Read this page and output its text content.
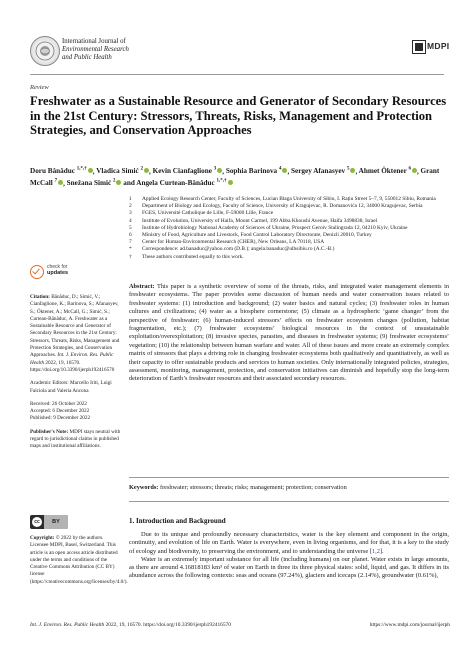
International Journal of
Environmental Research
and Public Health
MDPI
Review
Freshwater as a Sustainable Resource and Generator of Secondary Resources in the 21st Century: Stressors, Threats, Risks, Management and Protection Strategies, and Conservation Approaches
Doru Bănăduc $^{1,*,\dagger}$ , Vladica Simić $^2$ , Kevin Cianfaglione $^3$ , Sophia Barinova $^4$ , Sergey Afanasyev $^5$ , Ahmet Öktener $^6$ , Grant McCall $^7$ , Snežana Simić $^2$ and Angela Curtean-Bănăduc $^{1,*,\dagger}$
1	Applied Ecology Research Center, Faculty of Sciences, Lucian Blaga University of Sibiu, I. Rațiu Street 5–7, 9, 550012 Sibiu, Romania
2	Department of Biology and Ecology, Faculty of Science, University of Kragujevac, R. Domanovića 12, 34000 Kragujevac, Serbia
3	FGES, Université Catholique de Lille, F-59000 Lille, France
4	Institute of Evolution, University of Haifa, Mount Carmel, 199 Abba Khoushi Avenue, Haifa 3498838, Israel
5	Institute of Hydrobiology National Academy of Sciences of Ukraine, Prospect Geroiv Stalingrada 12, 04210 Kyiv, Ukraine
6	Ministry of Food, Agriculture and Livestock, Food Control Laboratory Directorate, Denizli 20010, Turkey
7	Center for Human-Environmental Research (CHER), New Orleans, LA 70118, USA
*	Correspondence: ad.banaduc@yahoo.com (D.B.); angela.banaduc@ulbsibiu.ro (A.C.-B.)
†	These authors contributed equally to this work.
check for
updates

Citation: Bănăduc, D.; Simić, V.; Cianfaglione, K.; Barinova, S.; Afanasyev, S.; Öktener, A.; McCall, G.; Simić, S.; Curtean-Bănăduc, A. Freshwater as a Sustainable Resource and Generator of Secondary Resources in the 21st Century: Stressors, Threats, Risks, Management and Protection Strategies, and Conservation Approaches. Int. J. Environ. Res. Public Health 2022, 19, 16570. https://doi.org/10.3390/ijerph192416570

Academic Editors: Marcello Iriti, Luigi Falciola and Valeria Ancona

Received: 26 October 2022
Accepted: 6 December 2022
Published: 9 December 2022

Publisher's Note: MDPI stays neutral with regard to jurisdictional claims in published maps and institutional affiliations.

cc	BY
Copyright: © 2022 by the authors. Licensee MDPI, Basel, Switzerland. This article is an open access article distributed under the terms and conditions of the Creative Commons Attribution (CC BY) license (https://creativecommons.org/licenses/by/4.0/).
Abstract: This paper is a synthetic overview of some of the threats, risks, and integrated water management elements in freshwater ecosystems. The paper provides some discussion of human needs and water conservation issues related to freshwater systems: (1) introduction and background; (2) water basics and natural cycles; (3) freshwater roles in human cultures and civilizations; (4) water as a biosphere cornerstone; (5) climate as a hydrospheric ‘game changer’ from the perspective of freshwater; (6) human-induced stressors’ effects on freshwater ecosystem changes (pollution, habitat fragmentation, etc.); (7) freshwater ecosystems’ biological resources in the context of unsustainable exploitation/overexploitation; (8) invasive species, parasites, and diseases in freshwater systems; (9) freshwater ecosystems’ vegetation; (10) the relationship between human warfare and water. All of these issues and more create an extremely complex matrix of stressors that plays a driving role in changing freshwater ecosystems both qualitatively and quantitatively, as well as their capacity to offer sustainable products and services to human societies. Only internationally integrated policies, strategies, assessment, monitoring, management, protection, and conservation initiatives can diminish and hopefully stop the long-term deterioration of Earth’s freshwater resources and their associated secondary resources.
Keywords: freshwater; stressors; threats; risks; management; protection; conservation
1. Introduction and Background

Due to its unique and profoundly necessary characteristics, water is the key element and component in the origin, continuity, and evolution of life on Earth. Water is everywhere, even in living organisms, and for that, it is a key to the study of ecology and biodiversity, to preserving the environment, and to understanding the universe [1,2].

Water is an extremely important substance for all life (including humans) on our planet. Water exists in large amounts, as there are around 4.16818183 km³ of water on Earth in three its three physical states: solid, liquid, and gas. It differs in its abundance across the following contexts: seas and oceans (97.24%), glaciers and icecaps (2.14%), groundwater (0.61%),

Int. J. Environ. Res. Public Health 2022, 19, 16570. https://doi.org/10.3390/ijerph192416570	https://www.mdpi.com/journal/ijerph
